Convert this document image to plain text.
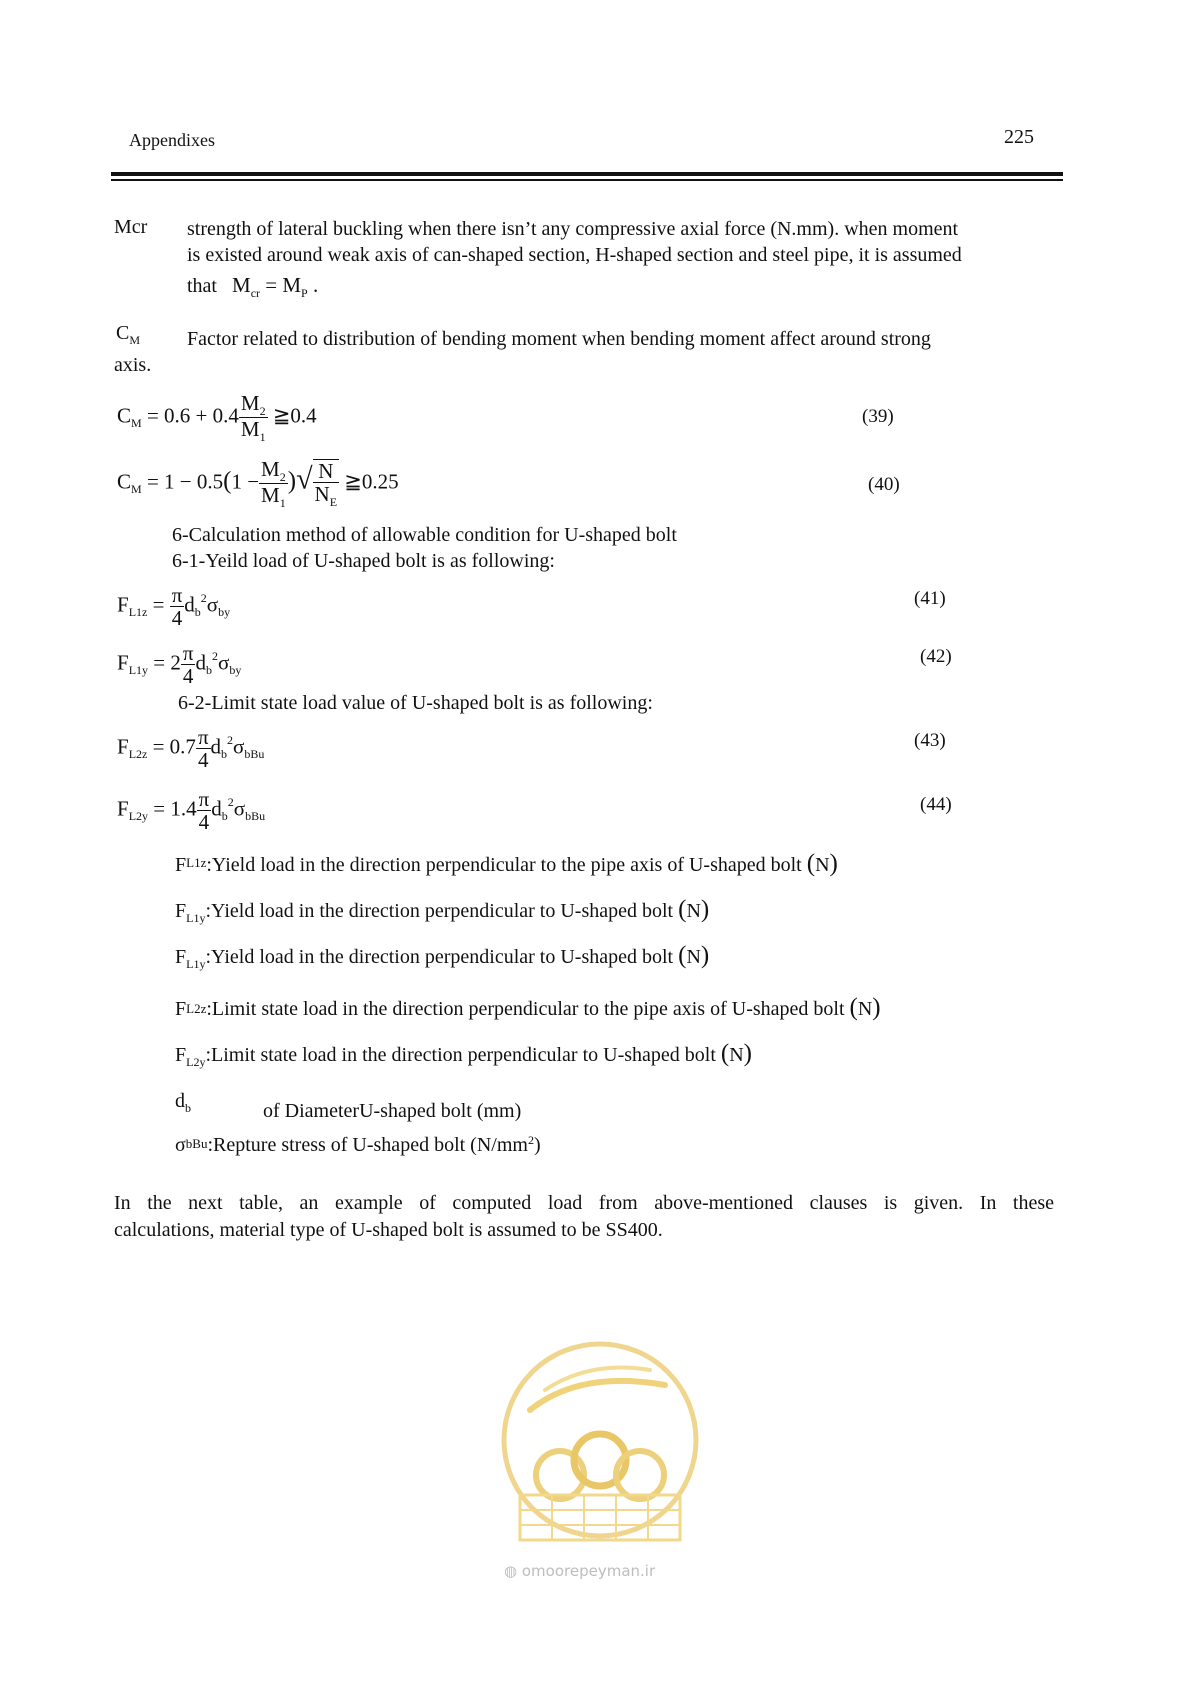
Appendixes	225
Mcr strength of lateral buckling when there isn’t any compressive axial force (N.mm). when moment
is existed around weak axis of can-shaped section, H-shaped section and steel pipe, it is assumed
that $M_{cr} = M_P$ .
$C_M$ Factor related to distribution of bending moment when bending moment affect around strong
axis.
$C_M = 0.6 + 0.4 \frac{M_2}{M_1}$ ≧0.4	(39)
$C_M = 1 - 0.5(1 - \frac{M_2}{M_1}$ )√ $\frac{N}{N_E}$ ≧0.25	(40)
6-Calculation method of allowable condition for U-shaped bolt
6-1-Yeild load of U-shaped bolt is as following:
$F_{L1z} = \frac{\pi}{4} d_b^2\sigma_{by}$
(41)
$F_{L1y} = 2 \frac{\pi}{4} d_b^2\sigma_{by}$
(42)
6-2-Limit state load value of U-shaped bolt is as following:
$F_{L2z} = 0.7 \frac{\pi}{4} d_b^2\sigma_{bBu}$
(43)
$F_{L2y} = 1.4 \frac{\pi}{4} d_b^2\sigma_{bBu}$
(44)
$F^{L1z}:Yield$ load in the direction perpendicular to the pipe axis of U-shaped bolt (N)
$F_{L1y}:Yield$ load in the direction perpendicular to U-shaped bolt (N)
$F_{L1y}:Yield$ load in the direction perpendicular to U-shaped bolt (N)
FL2z:Limit state load in the direction perpendicular to the pipe axis of U-shaped bolt (N)
$F_{L2y}:Limit$ state load in the direction perpendicular to U-shaped bolt (N)
$d_b$	of DiameterU-shaped bolt (mm)
σbBu:Repture stress of U-shaped bolt $(N/mm^2)$
In the next table, an example of computed load from above-mentioned clauses is given. In these
calculations, material type of U-shaped bolt is assumed to be SS400.
◍ omoorepeyman.ir
